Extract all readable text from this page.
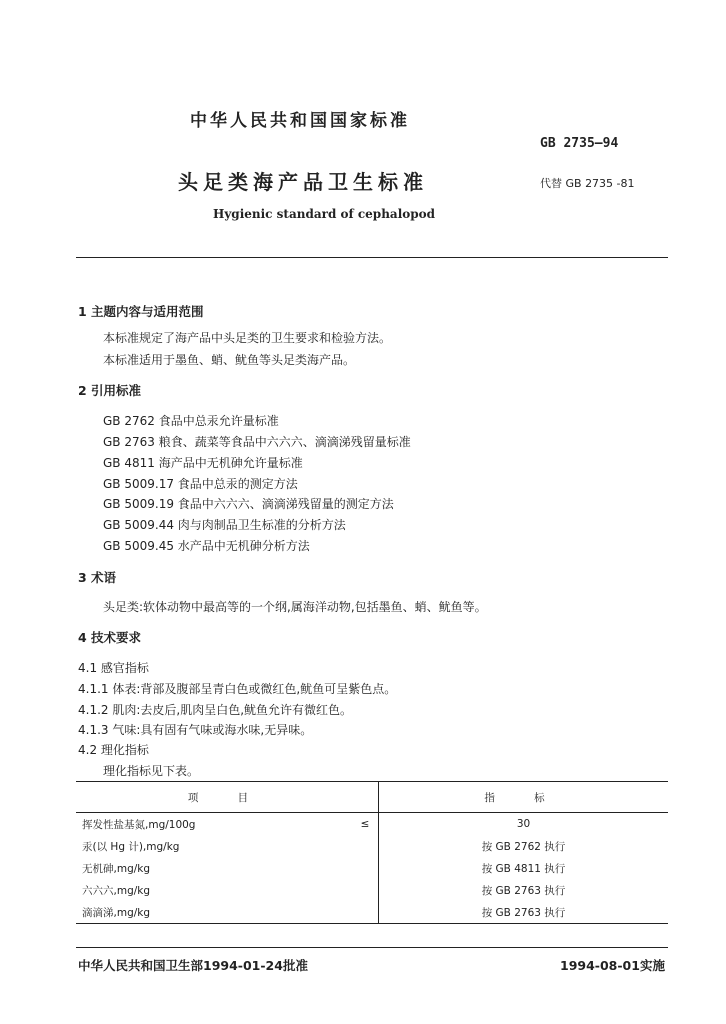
中华人民共和国国家标准
GB 2735—94
头足类海产品卫生标准	代替 GB 2735 -81
Hygienic standard of cephalopod
1 主题内容与适用范围
本标准规定了海产品中头足类的卫生要求和检验方法。
本标准适用于墨鱼、蛸、鱿鱼等头足类海产品。
2 引用标准
GB 2762 食品中总汞允许量标准
GB 2763 粮食、蔬菜等食品中六六六、滴滴涕残留量标准
GB 4811 海产品中无机砷允许量标准
GB 5009.17 食品中总汞的测定方法
GB 5009.19 食品中六六六、滴滴涕残留量的测定方法
GB 5009.44 肉与肉制品卫生标准的分析方法
GB 5009.45 水产品中无机砷分析方法
3 术语
头足类:软体动物中最高等的一个纲,属海洋动物,包括墨鱼、蛸、鱿鱼等。
4 技术要求
4.1 感官指标
4.1.1 体表:背部及腹部呈青白色或微红色,鱿鱼可呈紫色点。
4.1.2 肌肉:去皮后,肌肉呈白色,鱿鱼允许有微红色。
4.1.3 气味:具有固有气味或海水味,无异味。
4.2 理化指标
理化指标见下表。
项 目		指 标
挥发性盐基氮,mg/100g	≤	30
汞(以 Hg 计),mg/kg		按 GB 2762 执行
无机砷,mg/kg		按 GB 4811 执行
六六六,mg/kg		按 GB 2763 执行
滴滴涕,mg/kg		按 GB 2763 执行
中华人民共和国卫生部1994-01-24批准	1994-08-01实施
